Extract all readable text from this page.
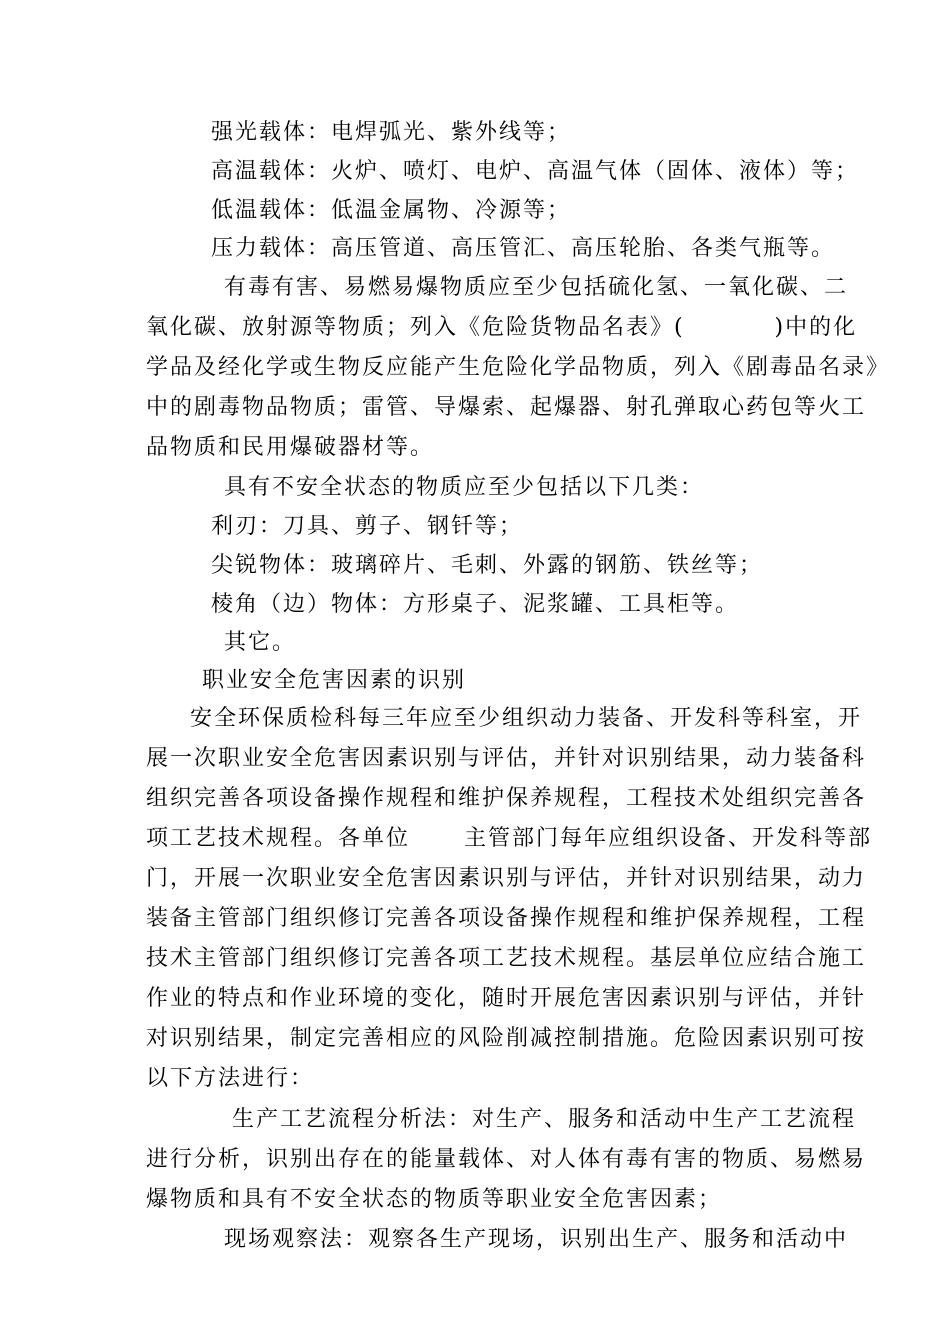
强光载体：电焊弧光、紫外线等；
高温载体：火炉、喷灯、电炉、高温气体（固体、液体）等；
低温载体：低温金属物、冷源等；
压力载体：高压管道、高压管汇、高压轮胎、各类气瓶等。
有毒有害、易燃易爆物质应至少包括硫化氢、一氧化碳、二
氧化碳、放射源等物质；列入《危险货物品名表》(          )中的化
学品及经化学或生物反应能产生危险化学品物质，列入《剧毒品名录》
中的剧毒物品物质；雷管、导爆索、起爆器、射孔弹取心药包等火工
品物质和民用爆破器材等。
具有不安全状态的物质应至少包括以下几类：
利刃：刀具、剪子、钢钎等；
尖锐物体：玻璃碎片、毛刺、外露的钢筋、铁丝等；
棱角（边）物体：方形桌子、泥浆罐、工具柜等。
其它。
职业安全危害因素的识别
安全环保质检科每三年应至少组织动力装备、开发科等科室，开
展一次职业安全危害因素识别与评估，并针对识别结果，动力装备科
组织完善各项设备操作规程和维护保养规程，工程技术处组织完善各
项工艺技术规程。各单位      主管部门每年应组织设备、开发科等部
门，开展一次职业安全危害因素识别与评估，并针对识别结果，动力
装备主管部门组织修订完善各项设备操作规程和维护保养规程，工程
技术主管部门组织修订完善各项工艺技术规程。基层单位应结合施工
作业的特点和作业环境的变化，随时开展危害因素识别与评估，并针
对识别结果，制定完善相应的风险削减控制措施。危险因素识别可按
以下方法进行：
生产工艺流程分析法：对生产、服务和活动中生产工艺流程
进行分析，识别出存在的能量载体、对人体有毒有害的物质、易燃易
爆物质和具有不安全状态的物质等职业安全危害因素；
现场观察法：观察各生产现场，识别出生产、服务和活动中
